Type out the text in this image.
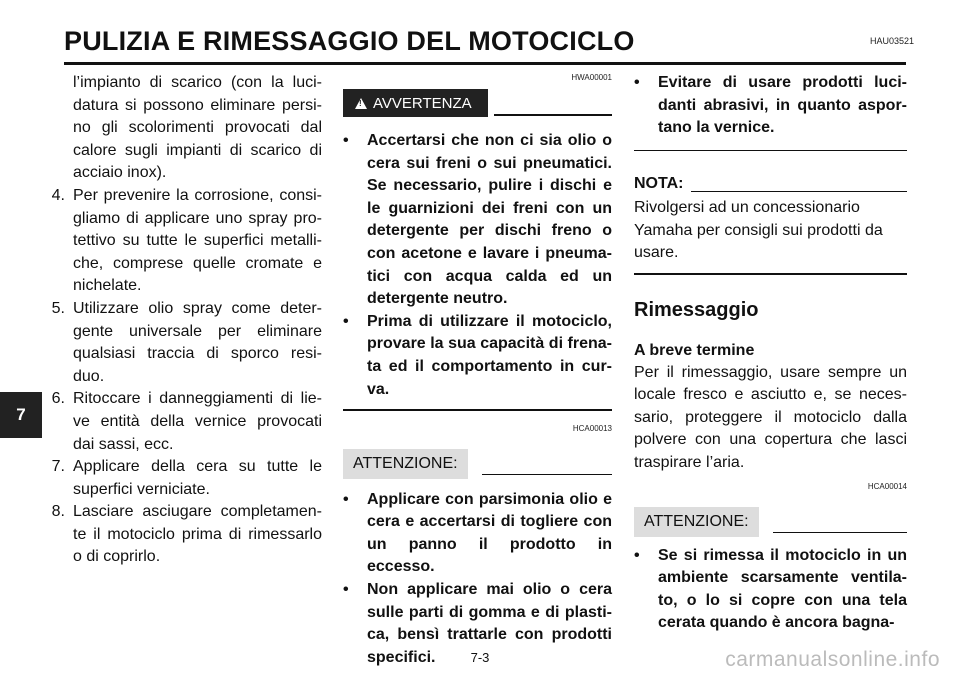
PULIZIA E RIMESSAGGIO DEL MOTOCICLO	HAU03521
7
l’impianto di scarico (con la luci-datura si possono eliminare persi-no gli scolorimenti provocati dal calore sugli impianti di scarico di acciaio inox).
4. Per prevenire la corrosione, consi-gliamo di applicare uno spray pro-tettivo su tutte le superfici metalli-che, comprese quelle cromate e nichelate.
5. Utilizzare olio spray come deter-gente universale per eliminare qualsiasi traccia di sporco resi-duo.
6. Ritoccare i danneggiamenti di lie-ve entità della vernice provocati dai sassi, ecc.
7. Applicare della cera su tutte le superfici verniciate.
8. Lasciare asciugare completamen-te il motociclo prima di rimessarlo o di coprirlo.
HWA00001
!
AVVERTENZA
•	Accertarsi che non ci sia olio o cera sui freni o sui pneumatici. Se necessario, pulire i dischi e le guarnizioni dei freni con un detergente per dischi freno o con acetone e lavare i pneuma-tici con acqua calda ed un detergente neutro.
•	Prima di utilizzare il motociclo, provare la sua capacità di frena-ta ed il comportamento in cur-va.
HCA00013
ATTENZIONE:
•	Applicare con parsimonia olio e cera e accertarsi di togliere con un panno il prodotto in eccesso.
•	Non applicare mai olio o cera sulle parti di gomma e di plasti-ca, bensì trattarle con prodotti specifici.
•	Evitare di usare prodotti luci-danti abrasivi, in quanto aspor-tano la vernice.
NOTA:
Rivolgersi ad un concessionario Yamaha per consigli sui prodotti da usare.
Rimessaggio
A breve termine
Per il rimessaggio, usare sempre un locale fresco e asciutto e, se neces-sario, proteggere il motociclo dalla polvere con una copertura che lasci traspirare l’aria.
HCA00014
ATTENZIONE:
•	Se si rimessa il motociclo in un ambiente scarsamente ventila-to, o lo si copre con una tela cerata quando è ancora bagna-
7-3	carmanualsonline.info
